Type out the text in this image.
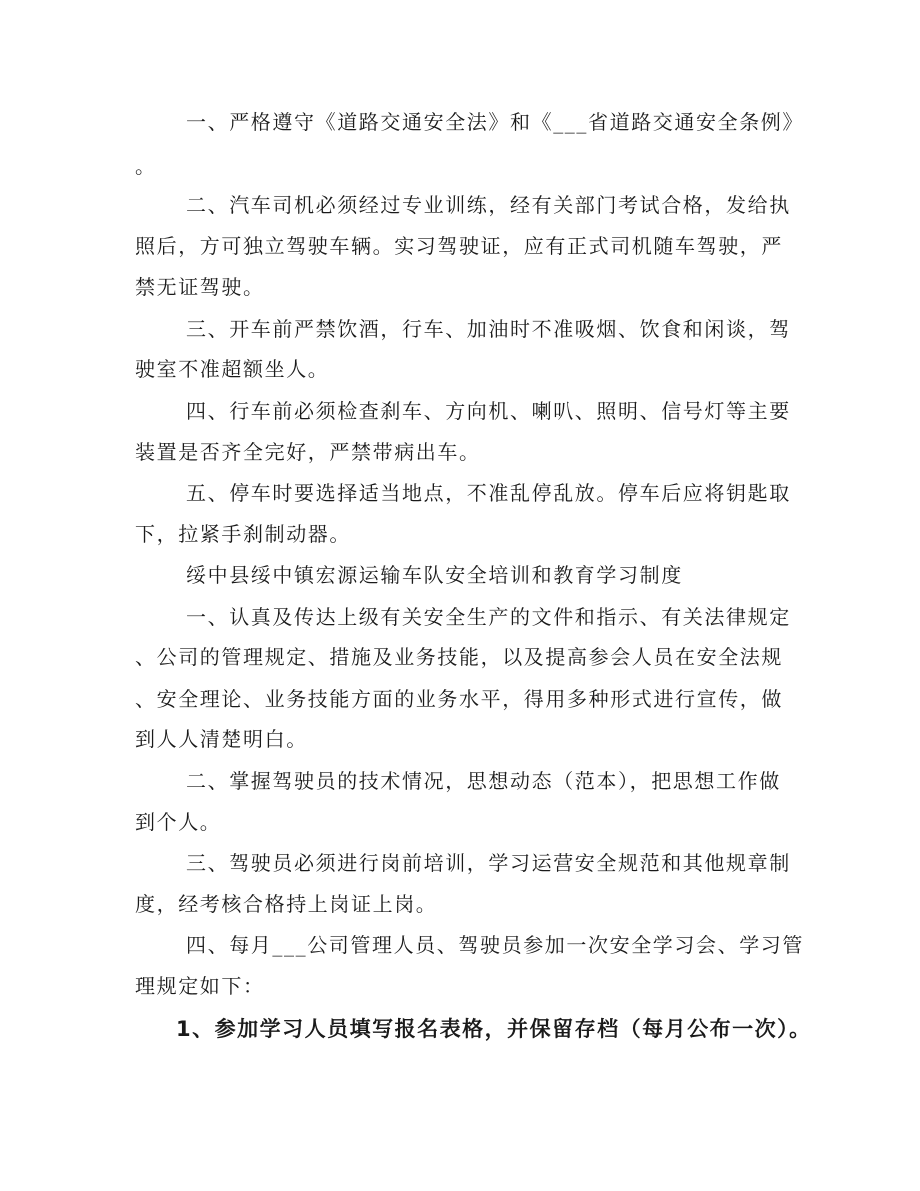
一、严格遵守《道路交通安全法》和《___省道路交通安全条例》
。
二、汽车司机必须经过专业训练，经有关部门考试合格，发给执
照后，方可独立驾驶车辆。实习驾驶证，应有正式司机随车驾驶，严
禁无证驾驶。
三、开车前严禁饮酒，行车、加油时不准吸烟、饮食和闲谈，驾
驶室不准超额坐人。
四、行车前必须检查刹车、方向机、喇叭、照明、信号灯等主要
装置是否齐全完好，严禁带病出车。
五、停车时要选择适当地点，不准乱停乱放。停车后应将钥匙取
下，拉紧手刹制动器。
绥中县绥中镇宏源运输车队安全培训和教育学习制度
一、认真及传达上级有关安全生产的文件和指示、有关法律规定
、公司的管理规定、措施及业务技能，以及提高参会人员在安全法规
、安全理论、业务技能方面的业务水平，得用多种形式进行宣传，做
到人人清楚明白。
二、掌握驾驶员的技术情况，思想动态（范本），把思想工作做
到个人。
三、驾驶员必须进行岗前培训，学习运营安全规范和其他规章制
度，经考核合格持上岗证上岗。
四、每月___公司管理人员、驾驶员参加一次安全学习会、学习管
理规定如下：
1、参加学习人员填写报名表格，并保留存档（每月公布一次）。
